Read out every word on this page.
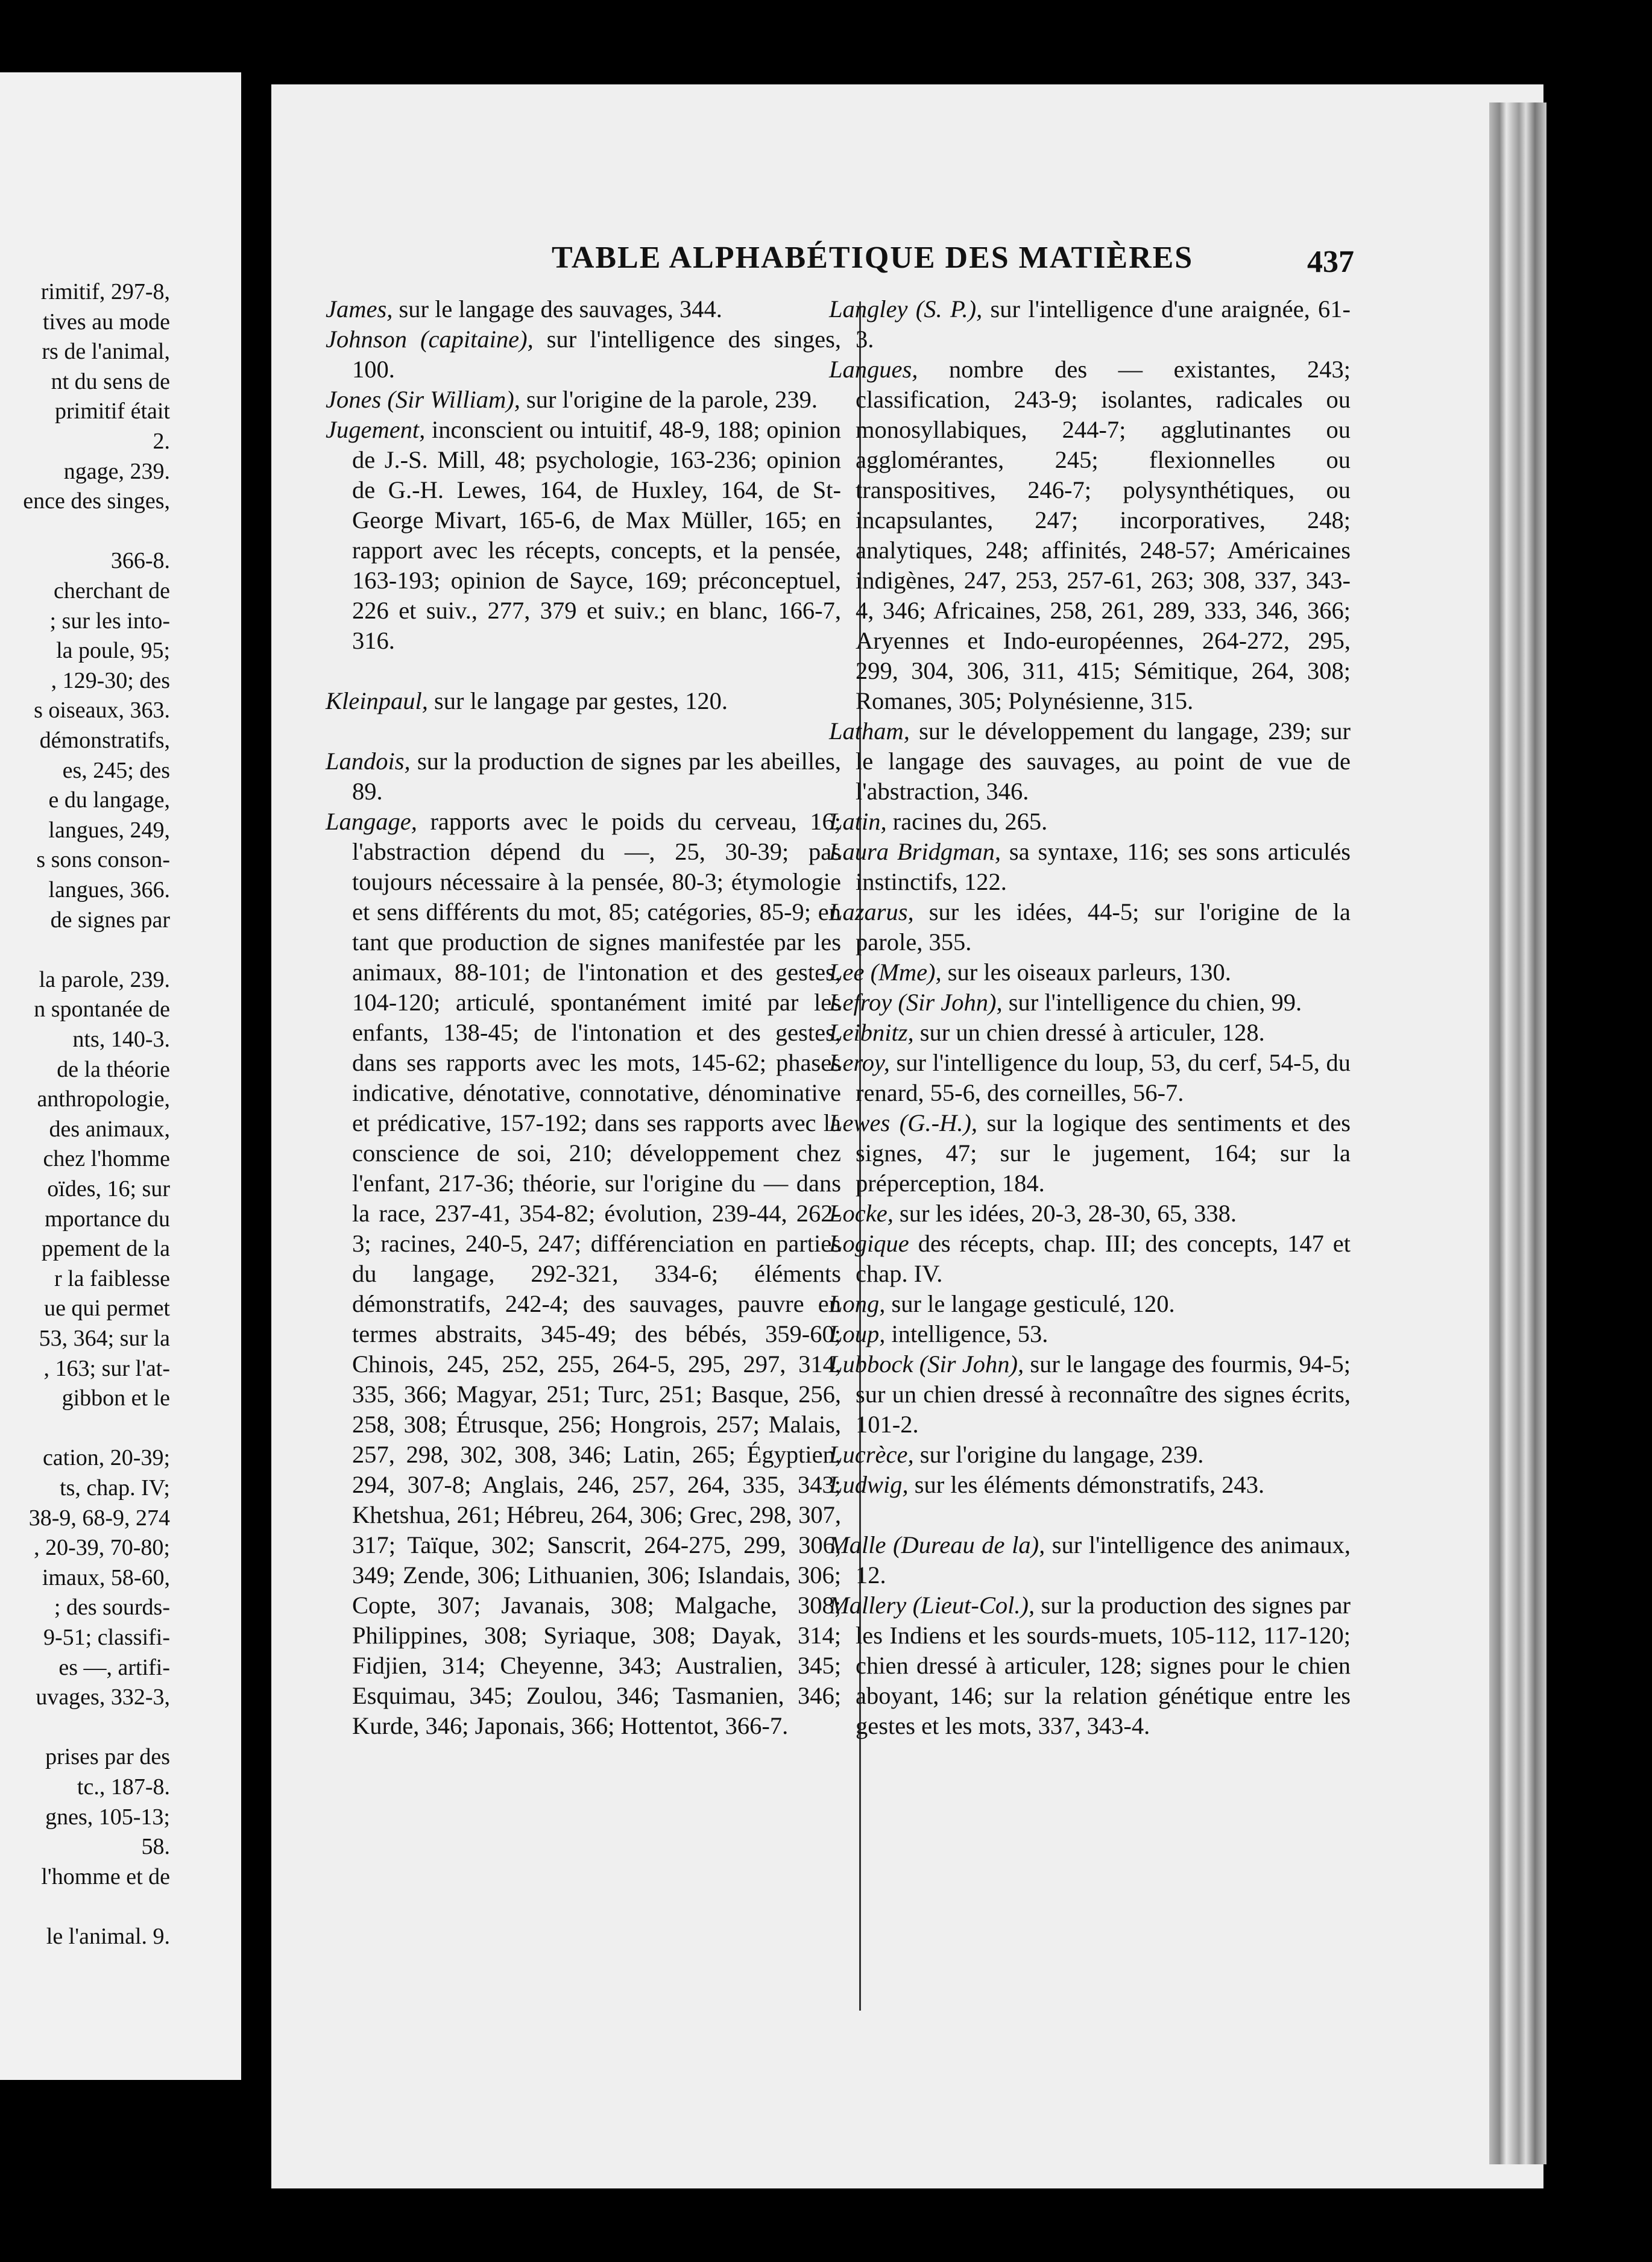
rimitif, 297-8,
tives au mode
rs de l'animal,
nt du sens de
primitif était
2.
ngage, 239.
ence des singes,
366-8.
cherchant de
; sur les into-
la poule, 95;
, 129-30; des
s oiseaux, 363.
démonstratifs,
es, 245; des
e du langage,
langues, 249,
s sons conson-
langues, 366.
de signes par
la parole, 239.
n spontanée de
nts, 140-3.
de la théorie
anthropologie,
des animaux,
chez l'homme
oïdes, 16; sur
mportance du
ppement de la
r la faiblesse
ue qui permet
53, 364; sur la
, 163; sur l'at-
gibbon et le
cation, 20-39;
ts, chap. IV;
38-9, 68-9, 274
, 20-39, 70-80;
imaux, 58-60,
; des sourds-
9-51; classifi-
es —, artifi-
uvages, 332-3,
prises par des
tc., 187-8.
gnes, 105-13;
58.
l'homme et de
le l'animal. 9.
TABLE ALPHABÉTIQUE DES MATIÈRES	437

James, sur le langage des sauvages, 344.

Johnson (capitaine), sur l'intelligence des singes, 100.

Jones (Sir William), sur l'origine de la parole, 239.

Jugement, inconscient ou intuitif, 48-9, 188; opinion de J.-S. Mill, 48; psychologie, 163-236; opinion de G.-H. Lewes, 164, de Huxley, 164, de St-George Mivart, 165-6, de Max Müller, 165; en rapport avec les récepts, concepts, et la pensée, 163-193; opinion de Sayce, 169; préconceptuel, 226 et suiv., 277, 379 et suiv.; en blanc, 166-7, 316.

Kleinpaul, sur le langage par gestes, 120.

Landois, sur la production de signes par les abeilles, 89.

Langage, rapports avec le poids du cerveau, 16; l'abstraction dépend du —, 25, 30-39; pas toujours nécessaire à la pensée, 80-3; étymologie et sens différents du mot, 85; catégories, 85-9; en tant que production de signes manifestée par les animaux, 88-101; de l'intonation et des gestes, 104-120; articulé, spontanément imité par les enfants, 138-45; de l'intonation et des gestes, dans ses rapports avec les mots, 145-62; phases indicative, dénotative, connotative, dénominative et prédicative, 157-192; dans ses rapports avec la conscience de soi, 210; développement chez l'enfant, 217-36; théorie, sur l'origine du — dans la race, 237-41, 354-82; évolution, 239-44, 262-3; racines, 240-5, 247; différenciation en parties du langage, 292-321, 334-6; éléments démonstratifs, 242-4; des sauvages, pauvre en termes abstraits, 345-49; des bébés, 359-60; Chinois, 245, 252, 255, 264-5, 295, 297, 314, 335, 366; Magyar, 251; Turc, 251; Basque, 256, 258, 308; Étrusque, 256; Hongrois, 257; Malais, 257, 298, 302, 308, 346; Latin, 265; Égyptien, 294, 307-8; Anglais, 246, 257, 264, 335, 343; Khetshua, 261; Hébreu, 264, 306; Grec, 298, 307, 317; Taïque, 302; Sanscrit, 264-275, 299, 306, 349; Zende, 306; Lithuanien, 306; Islandais, 306; Copte, 307; Javanais, 308; Malgache, 308; Philippines, 308; Syriaque, 308; Dayak, 314; Fidjien, 314; Cheyenne, 343; Australien, 345; Esquimau, 345; Zoulou, 346; Tasmanien, 346; Kurde, 346; Japonais, 366; Hottentot, 366-7.

Langley (S. P.), sur l'intelligence d'une araignée, 61-3.

Langues, nombre des — existantes, 243; classification, 243-9; isolantes, radicales ou monosyllabiques, 244-7; agglutinantes ou agglomérantes, 245; flexionnelles ou transpositives, 246-7; polysynthétiques, ou incapsulantes, 247; incorporatives, 248; analytiques, 248; affinités, 248-57; Américaines indigènes, 247, 253, 257-61, 263; 308, 337, 343-4, 346; Africaines, 258, 261, 289, 333, 346, 366; Aryennes et Indo-européennes, 264-272, 295, 299, 304, 306, 311, 415; Sémitique, 264, 308; Romanes, 305; Polynésienne, 315.

Latham, sur le développement du langage, 239; sur le langage des sauvages, au point de vue de l'abstraction, 346.

Latin, racines du, 265.

Laura Bridgman, sa syntaxe, 116; ses sons articulés instinctifs, 122.

Lazarus, sur les idées, 44-5; sur l'origine de la parole, 355.

Lee (Mme), sur les oiseaux parleurs, 130.

Lefroy (Sir John), sur l'intelligence du chien, 99.

Leibnitz, sur un chien dressé à articuler, 128.

Leroy, sur l'intelligence du loup, 53, du cerf, 54-5, du renard, 55-6, des corneilles, 56-7.

Lewes (G.-H.), sur la logique des sentiments et des signes, 47; sur le jugement, 164; sur la préperception, 184.

Locke, sur les idées, 20-3, 28-30, 65, 338.

Logique des récepts, chap. III; des concepts, 147 et chap. IV.

Long, sur le langage gesticulé, 120.

Loup, intelligence, 53.

Lubbock (Sir John), sur le langage des fourmis, 94-5; sur un chien dressé à reconnaître des signes écrits, 101-2.

Lucrèce, sur l'origine du langage, 239.

Ludwig, sur les éléments démonstratifs, 243.

Malle (Dureau de la), sur l'intelligence des animaux, 12.

Mallery (Lieut-Col.), sur la production des signes par les Indiens et les sourds-muets, 105-112, 117-120; chien dressé à articuler, 128; signes pour le chien aboyant, 146; sur la relation génétique entre les gestes et les mots, 337, 343-4.
